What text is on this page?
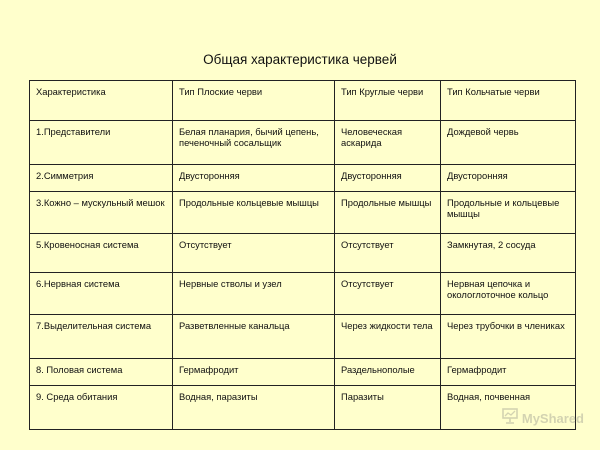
Общая характеристика червей
Характеристика	Тип Плоские черви	Тип Круглые черви	Тип Кольчатые черви
1.Представители	Белая планария, бычий цепень, печеночный сосальщик	Человеческая аскарида	Дождевой червь
2.Симметрия	Двусторонняя	Двусторонняя	Двусторонняя
3.Кожно – мускульный мешок	Продольные кольцевые мышцы	Продольные мышцы	Продольные и кольцевые мышцы
5.Кровеносная система	Отсутствует	Отсутствует	Замкнутая, 2 сосуда
6.Нервная система	Нервные стволы и узел	Отсутствует	Нервная цепочка и окологлоточное кольцо
7.Выделительная система	Разветвленные канальца	Через жидкости тела	Через трубочки в члениках
8. Половая система	Гермафродит	Раздельнополые	Гермафродит
9. Среда обитания	Водная, паразиты	Паразиты	Водная, почвенная
MyShared
